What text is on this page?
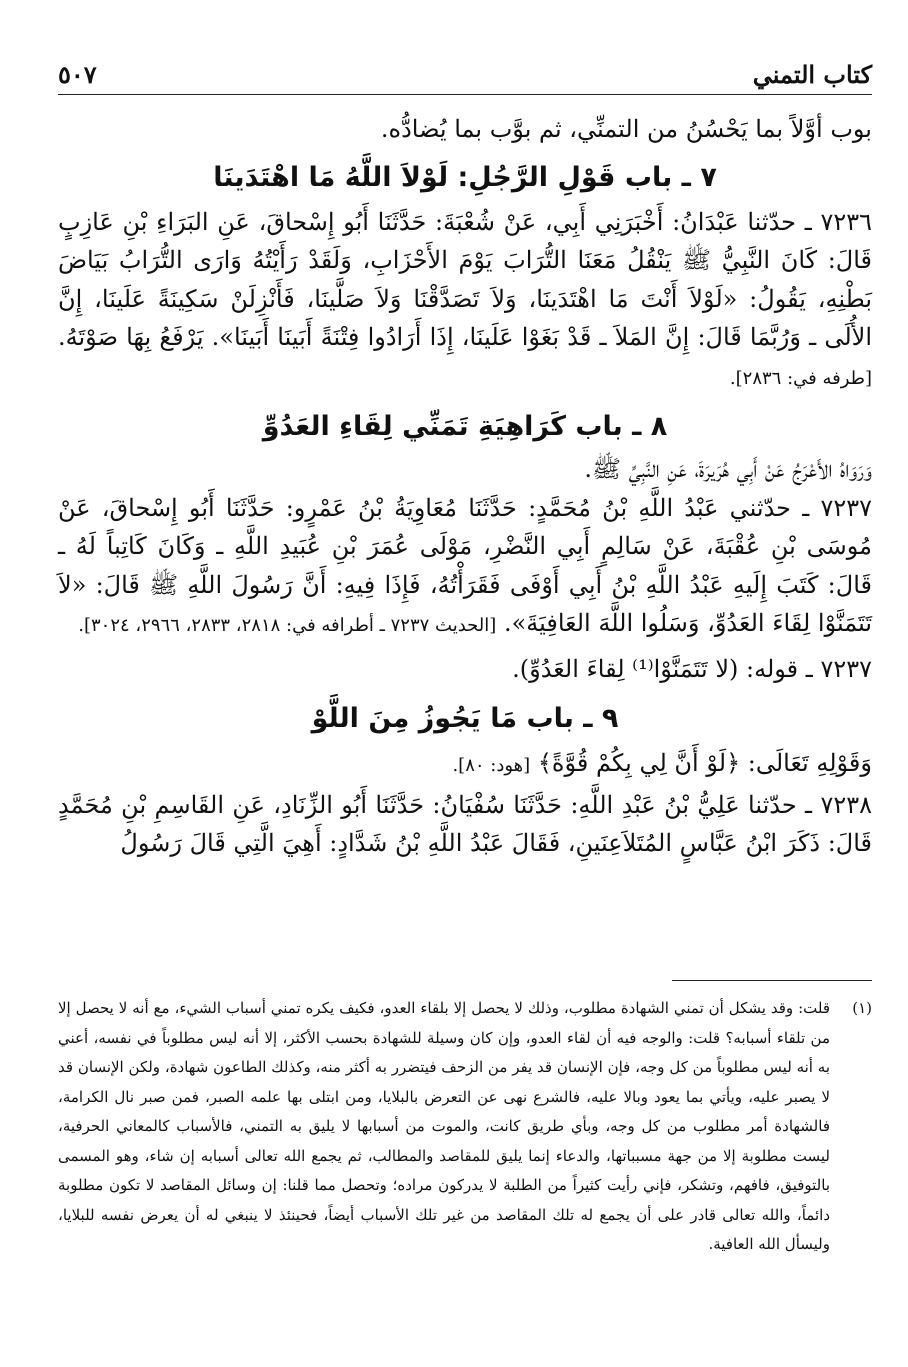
كتاب التمني
٥٠٧

بوب أوَّلاً بما يَحْسُنُ من التمنِّي، ثم بوَّب بما يُضادُّه.

٧ ـ باب قَوْلِ الرَّجُلِ: لَوْلاَ اللَّهُ مَا اهْتَدَينَا

٧٢٣٦ ـ حدّثنا عَبْدَانُ: أَخْبَرَنِي أَبِي، عَنْ شُعْبَةَ: حَدَّثَنَا أَبُو إِسْحاقَ، عَنِ البَرَاءِ بْنِ عَازِبٍ قَالَ: كَانَ النَّبِيُّ ﷺ يَنْقُلُ مَعَنَا التُّرَابَ يَوْمَ الأَحْزَابِ، وَلَقَدْ رَأَيْتُهُ وَارَى التُّرَابُ بَيَاضَ بَطْنِهِ، يَقُولُ: «لَوْلاَ أَنْتَ مَا اهْتَدَينَا، وَلاَ تَصَدَّقْنَا وَلاَ صَلَّينَا، فَأَنْزِلَنْ سَكِينَةً عَلَينَا، إِنَّ الأُلَى ـ وَرُبَّمَا قَالَ: إِنَّ المَلاَ ـ قَدْ بَغَوْا عَلَينَا، إِذَا أَرَادُوا فِتْنَةً أَبَينَا أَبَينَا». يَرْفَعُ بِهَا صَوْتَهُ. [طرفه في: ٢٨٣٦].

٨ ـ باب كَرَاهِيَةِ تَمَنِّي لِقَاءِ العَدُوِّ

وَرَوَاهُ الأَعْرَجُ عَنْ أَبِي هُرَيرَةَ، عَنِ النَّبِيِّ ﷺ.

٧٢٣٧ ـ حدّثني عَبْدُ اللَّهِ بْنُ مُحَمَّدٍ: حَدَّثَنَا مُعَاوِيَةُ بْنُ عَمْرٍو: حَدَّثَنَا أَبُو إِسْحاقَ، عَنْ مُوسَى بْنِ عُقْبَةَ، عَنْ سَالِمٍ أَبِي النَّضْرِ، مَوْلَى عُمَرَ بْنِ عُبَيدِ اللَّهِ ـ وَكَانَ كَاتِباً لَهُ ـ قَالَ: كَتَبَ إِلَيهِ عَبْدُ اللَّهِ بْنُ أَبِي أَوْفَى فَقَرَأْتُهُ، فَإِذَا فِيهِ: أَنَّ رَسُولَ اللَّهِ ﷺ قَالَ: «لاَ تَتَمَنَّوْا لِقَاءَ العَدُوِّ، وَسَلُوا اللَّهَ العَافِيَةَ». [الحديث ٧٢٣٧ ـ أطرافه في: ٢٨١٨، ٢٨٣٣، ٢٩٦٦، ٣٠٢٤].

٧٢٣٧ ـ قوله: (لا تَتَمَنَّوْا⁽¹⁾ لِقاءَ العَدُوِّ).

٩ ـ باب مَا يَجُوزُ مِنَ اللَّوْ

وَقَوْلِهِ تَعَالَى: ﴿لَوْ أَنَّ لِي بِكُمْ قُوَّةً﴾ [هود: ٨٠].

٧٢٣٨ ـ حدّثنا عَلِيُّ بْنُ عَبْدِ اللَّهِ: حَدَّثَنَا سُفْيَانُ: حَدَّثَنَا أَبُو الزِّنَادِ، عَنِ القَاسِمِ بْنِ مُحَمَّدٍ قَالَ: ذَكَرَ ابْنُ عَبَّاسٍ المُتَلاَعِنَينِ، فَقَالَ عَبْدُ اللَّهِ بْنُ شَدَّادٍ: أَهِيَ الَّتِي قَالَ رَسُولُ

(١)
قلت: وقد يشكل أن تمني الشهادة مطلوب، وذلك لا يحصل إلا بلقاء العدو، فكيف يكره تمني أسباب الشيء، مع أنه لا يحصل إلا من تلقاء أسبابه؟ قلت: والوجه فيه أن لقاء العدو، وإن كان وسيلة للشهادة بحسب الأكثر، إلا أنه ليس مطلوباً في نفسه، أعني به أنه ليس مطلوباً من كل وجه، فإن الإنسان قد يفر من الزحف فيتضرر به أكثر منه، وكذلك الطاعون شهادة، ولكن الإنسان قد لا يصبر عليه، ويأتي بما يعود وبالا عليه، فالشرع نهى عن التعرض بالبلايا، ومن ابتلى بها علمه الصبر، فمن صبر نال الكرامة، فالشهادة أمر مطلوب من كل وجه، وبأي طريق كانت، والموت من أسبابها لا يليق به التمني، فالأسباب كالمعاني الحرفية، ليست مطلوبة إلا من جهة مسبباتها، والدعاء إنما يليق للمقاصد والمطالب، ثم يجمع الله تعالى أسبابه إن شاء، وهو المسمى بالتوفيق، فافهم، وتشكر، فإني رأيت كثيراً من الطلبة لا يدركون مراده؛ وتحصل مما قلنا: إن وسائل المقاصد لا تكون مطلوبة دائماً، والله تعالى قادر على أن يجمع له تلك المقاصد من غير تلك الأسباب أيضاً، فحينئذ لا ينبغي له أن يعرض نفسه للبلايا، وليسأل الله العافية.
